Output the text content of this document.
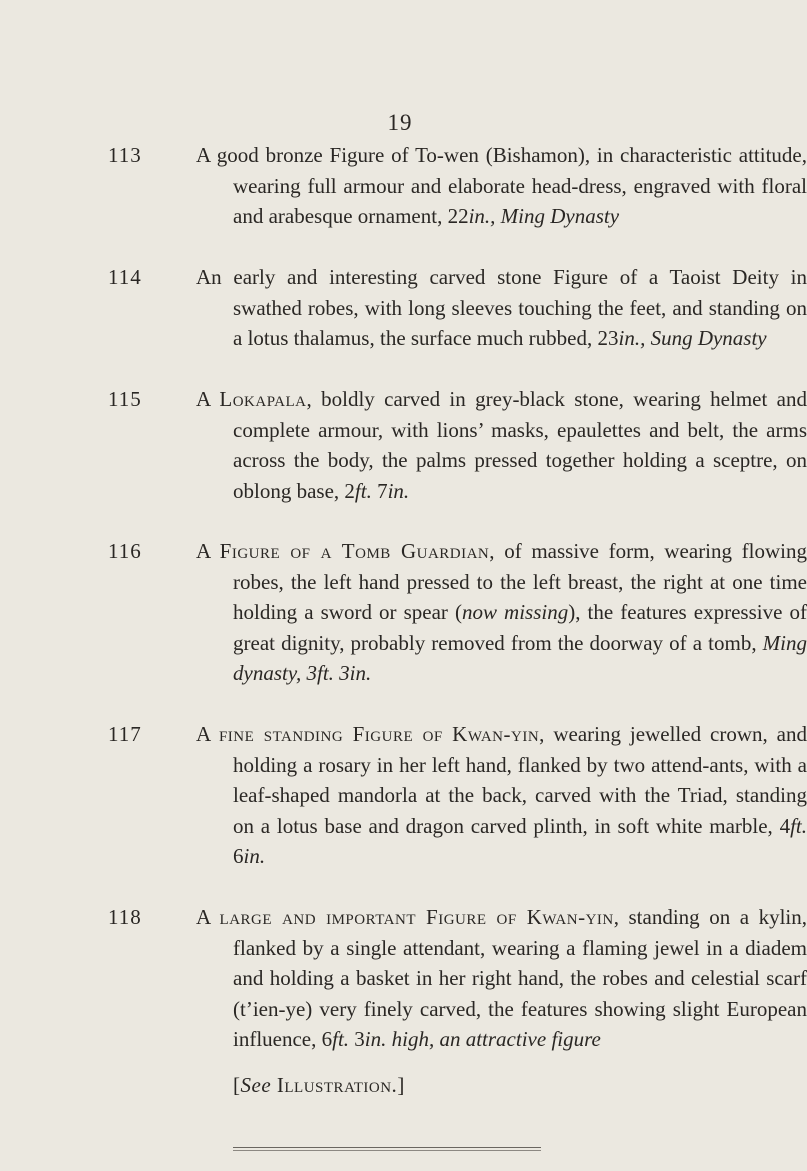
19
113	A good bronze Figure of To-wen (Bishamon), in characteristic attitude, wearing full armour and elaborate head-dress, engraved with floral and arabesque ornament, 22in., Ming Dynasty

114	An early and interesting carved stone Figure of a Taoist Deity in swathed robes, with long sleeves touching the feet, and standing on a lotus thalamus, the surface much rubbed, 23in., Sung Dynasty

115	A Lokapala, boldly carved in grey-black stone, wearing helmet and complete armour, with lions’ masks, epaulettes and belt, the arms across the body, the palms pressed together holding a sceptre, on oblong base, 2ft. 7in.

116	A Figure of a Tomb Guardian, of massive form, wearing flowing robes, the left hand pressed to the left breast, the right at one time holding a sword or spear (now missing), the features expressive of great dignity, probably removed from the doorway of a tomb, Ming dynasty, 3ft. 3in.

117	A fine standing Figure of Kwan-yin, wearing jewelled crown, and holding a rosary in her left hand, flanked by two attend-ants, with a leaf-shaped mandorla at the back, carved with the Triad, standing on a lotus base and dragon carved plinth, in soft white marble, 4ft. 6in.

118	A large and important Figure of Kwan-yin, standing on a kylin, flanked by a single attendant, wearing a flaming jewel in a diadem and holding a basket in her right hand, the robes and celestial scarf (t’ien-ye) very finely carved, the features showing slight European influence, 6ft. 3in. high, an attractive figure

[See Illustration.]
